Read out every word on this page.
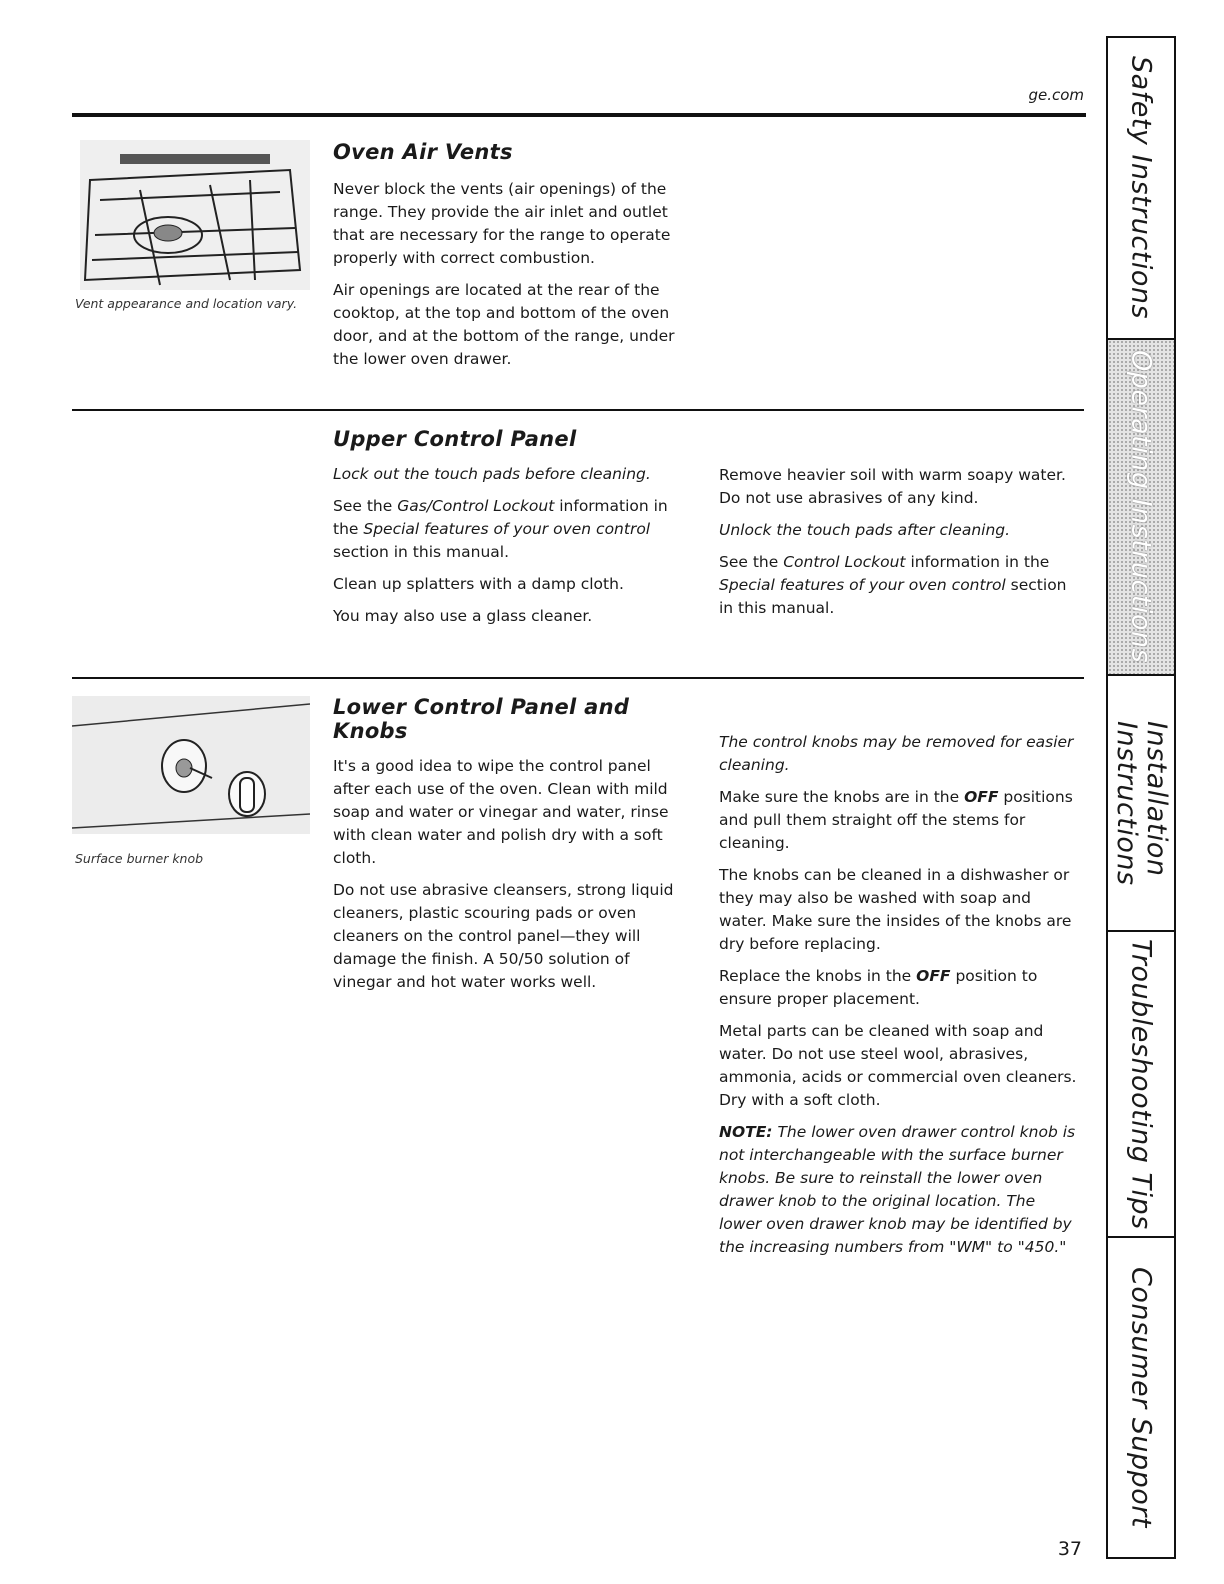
ge.com
Vent appearance and location vary.
Oven Air Vents

Never block the vents (air openings) of the range. They provide the air inlet and outlet that are necessary for the range to operate properly with correct combustion.

Air openings are located at the rear of the cooktop, at the top and bottom of the oven door, and at the bottom of the range, under the lower oven drawer.

Upper Control Panel

Lock out the touch pads before cleaning.

See the Gas/Control Lockout information in the Special features of your oven control section in this manual.

Clean up splatters with a damp cloth.

You may also use a glass cleaner.

Remove heavier soil with warm soapy water. Do not use abrasives of any kind.

Unlock the touch pads after cleaning.

See the Control Lockout information in the Special features of your oven control section in this manual.

Surface burner knob
Lower Control Panel and Knobs

It's a good idea to wipe the control panel after each use of the oven. Clean with mild soap and water or vinegar and water, rinse with clean water and polish dry with a soft cloth.

Do not use abrasive cleansers, strong liquid cleaners, plastic scouring pads or oven cleaners on the control panel—they will damage the finish. A 50/50 solution of vinegar and hot water works well.

The control knobs may be removed for easier cleaning.

Make sure the knobs are in the OFF positions and pull them straight off the stems for cleaning.

The knobs can be cleaned in a dishwasher or they may also be washed with soap and water. Make sure the insides of the knobs are dry before replacing.

Replace the knobs in the OFF position to ensure proper placement.

Metal parts can be cleaned with soap and water. Do not use steel wool, abrasives, ammonia, acids or commercial oven cleaners. Dry with a soft cloth.

NOTE: The lower oven drawer control knob is not interchangeable with the surface burner knobs. Be sure to reinstall the lower oven drawer knob to the original location. The lower oven drawer knob may be identified by the increasing numbers from "WM" to "450."

Safety Instructions
Operating Instructions
Installation
Instructions
Troubleshooting Tips
Consumer Support
37
